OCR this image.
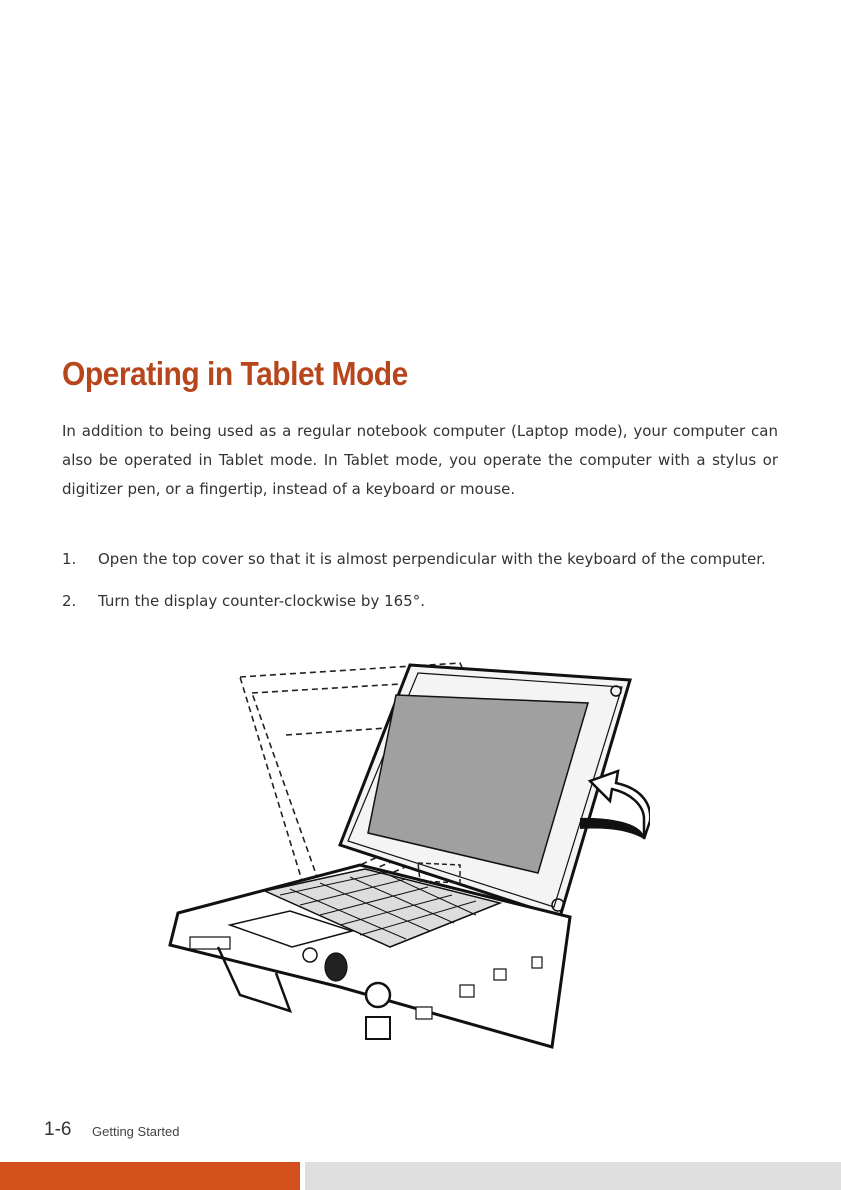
Operating in Tablet Mode

In addition to being used as a regular notebook computer (Laptop mode), your computer can also be operated in Tablet mode. In Tablet mode, you operate the computer with a stylus or digitizer pen, or a fingertip, instead of a keyboard or mouse.

1. Open the top cover so that it is almost perpendicular with the keyboard of the computer.
2. Turn the display counter-clockwise by 165°.
1-6 Getting Started
